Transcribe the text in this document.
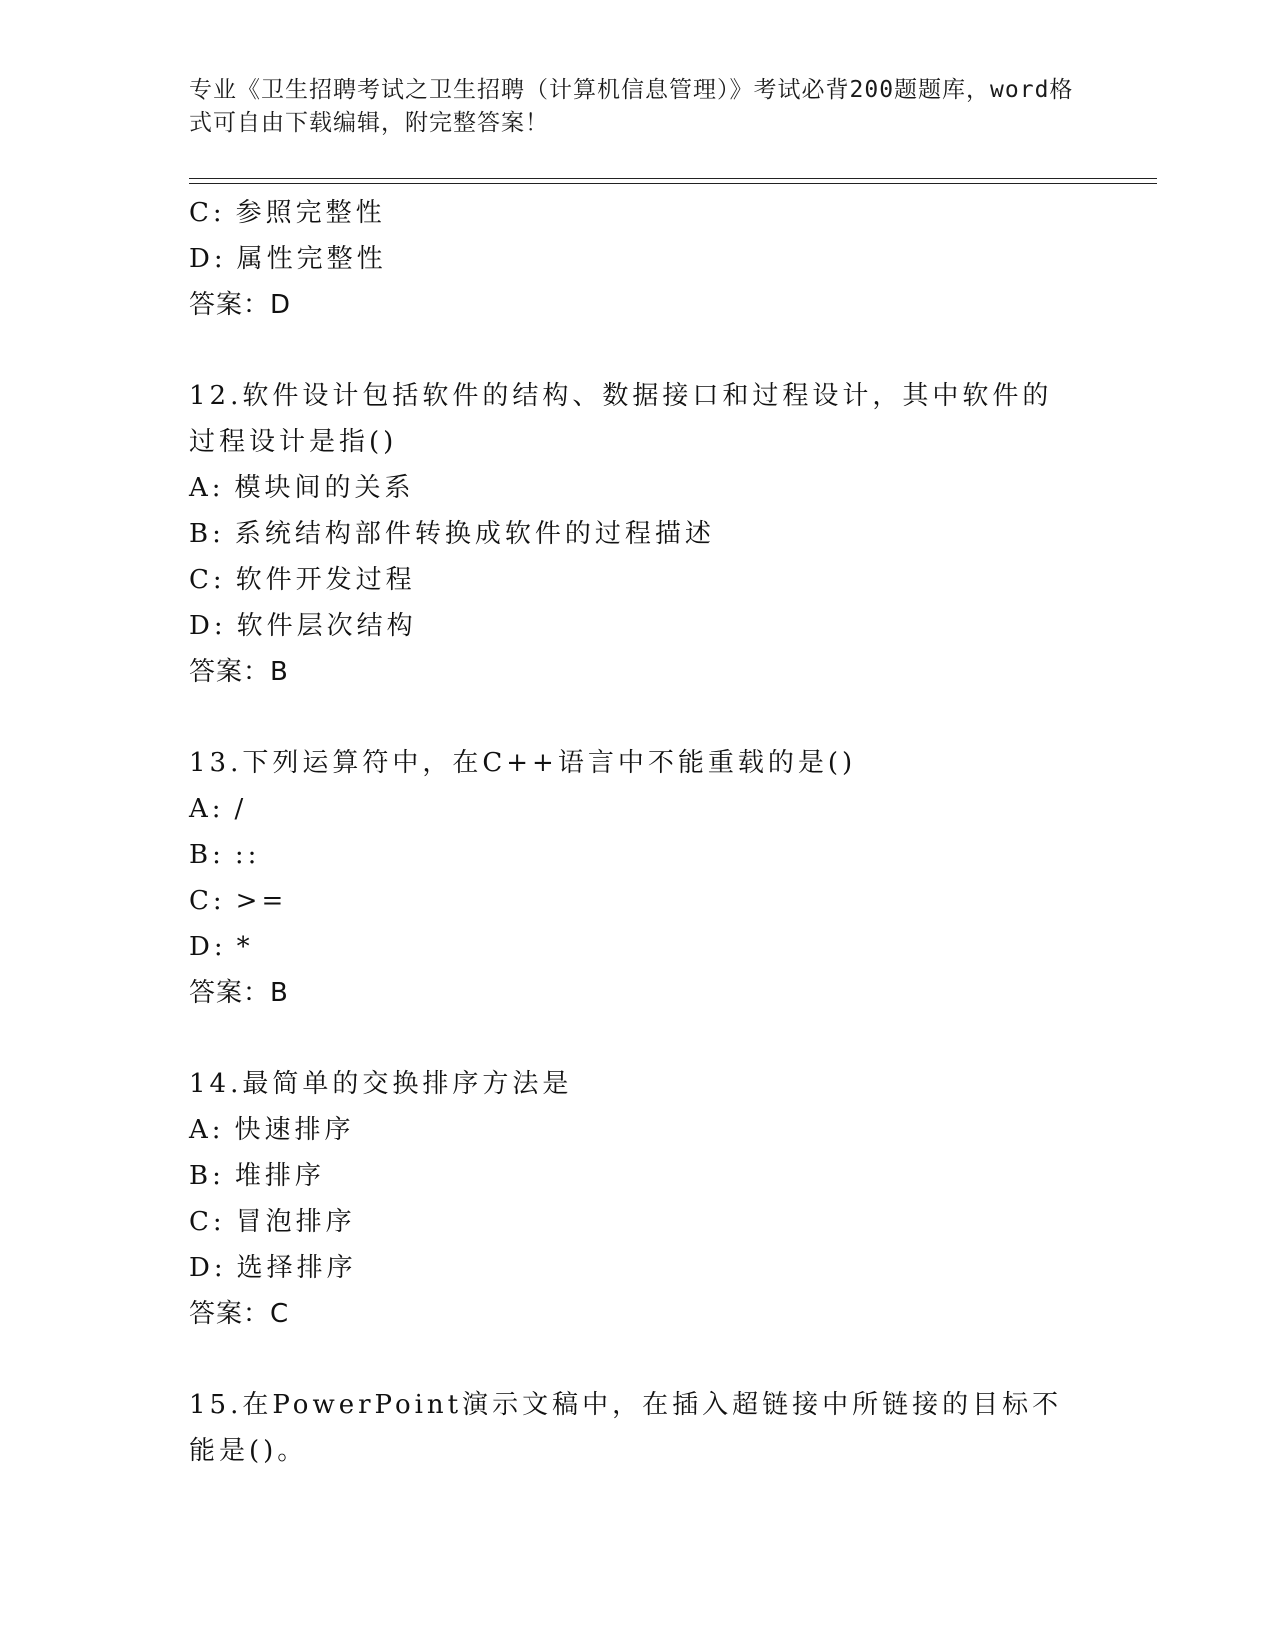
专业《卫生招聘考试之卫生招聘（计算机信息管理）》考试必背200题题库，word格式可自由下载编辑，附完整答案！
C: 参照完整性
D: 属性完整性
答案：D
12.软件设计包括软件的结构、数据接口和过程设计，其中软件的过程设计是指()
A: 模块间的关系
B: 系统结构部件转换成软件的过程描述
C: 软件开发过程
D: 软件层次结构
答案：B
13.下列运算符中，在C++语言中不能重载的是()
A: /
B: ::
C: >=
D: *
答案：B
14.最简单的交换排序方法是
A: 快速排序
B: 堆排序
C: 冒泡排序
D: 选择排序
答案：C
15.在PowerPoint演示文稿中，在插入超链接中所链接的目标不能是()。
